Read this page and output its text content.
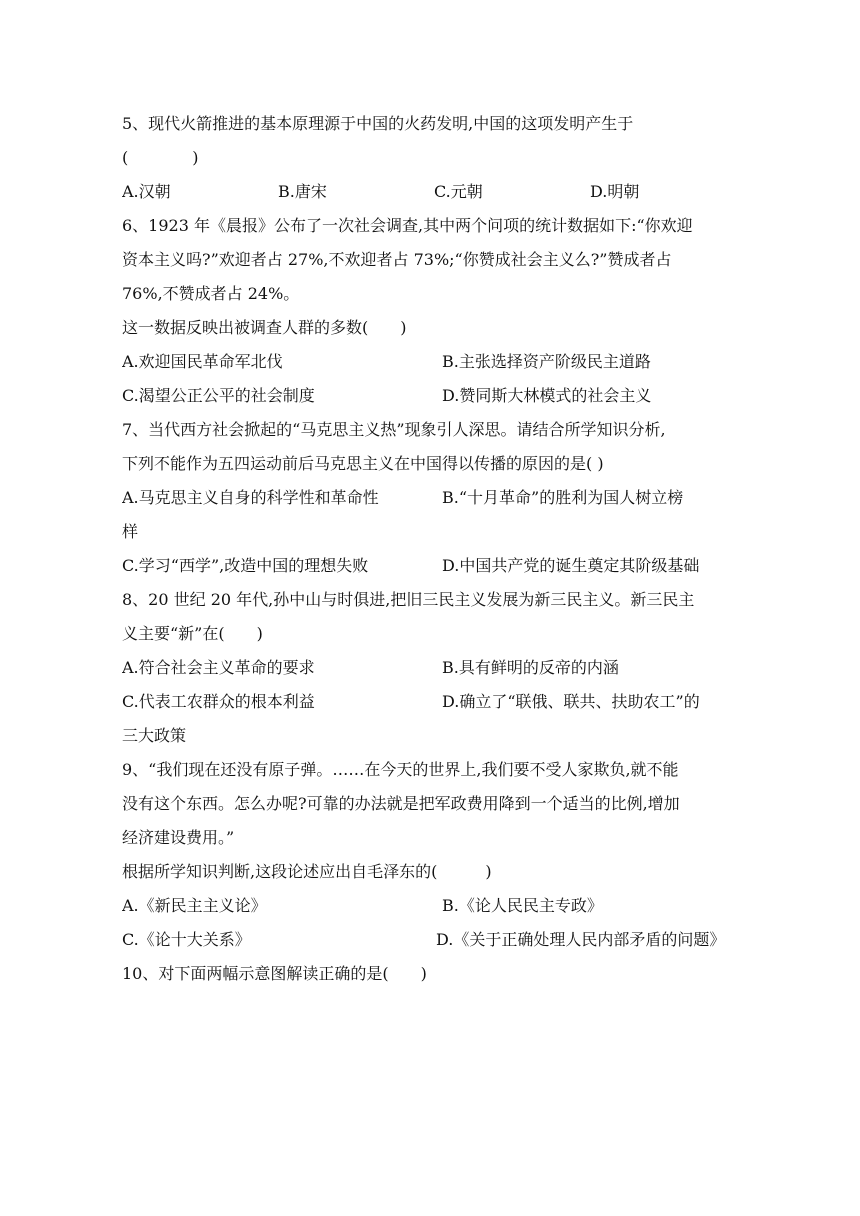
5、现代火箭推进的基本原理源于中国的火药发明,中国的这项发明产生于
(　　　　)
A.汉朝	B.唐宋	C.元朝	D.明朝
6、1923 年《晨报》公布了一次社会调查,其中两个问项的统计数据如下:“你欢迎
资本主义吗?”欢迎者占 27%,不欢迎者占 73%;“你赞成社会主义么?”赞成者占
76%,不赞成者占 24%。
这一数据反映出被调查人群的多数(　　)
A.欢迎国民革命军北伐	B.主张选择资产阶级民主道路
C.渴望公正公平的社会制度	D.赞同斯大林模式的社会主义
7、当代西方社会掀起的“马克思主义热”现象引人深思。请结合所学知识分析,
下列不能作为五四运动前后马克思主义在中国得以传播的原因的是( )
A.马克思主义自身的科学性和革命性	B.“十月革命”的胜利为国人树立榜
样
C.学习“西学”,改造中国的理想失败	D.中国共产党的诞生奠定其阶级基础
8、20 世纪 20 年代,孙中山与时俱进,把旧三民主义发展为新三民主义。新三民主
义主要“新”在(　　)
A.符合社会主义革命的要求	B.具有鲜明的反帝的内涵
C.代表工农群众的根本利益	D.确立了“联俄、联共、扶助农工”的
三大政策
9、“我们现在还没有原子弹。……在今天的世界上,我们要不受人家欺负,就不能
没有这个东西。怎么办呢?可靠的办法就是把军政费用降到一个适当的比例,增加
经济建设费用。”
根据所学知识判断,这段论述应出自毛泽东的(　　　)
A.《新民主主义论》	B.《论人民民主专政》
C.《论十大关系》	D.《关于正确处理人民内部矛盾的问题》
10、对下面两幅示意图解读正确的是(　　)
